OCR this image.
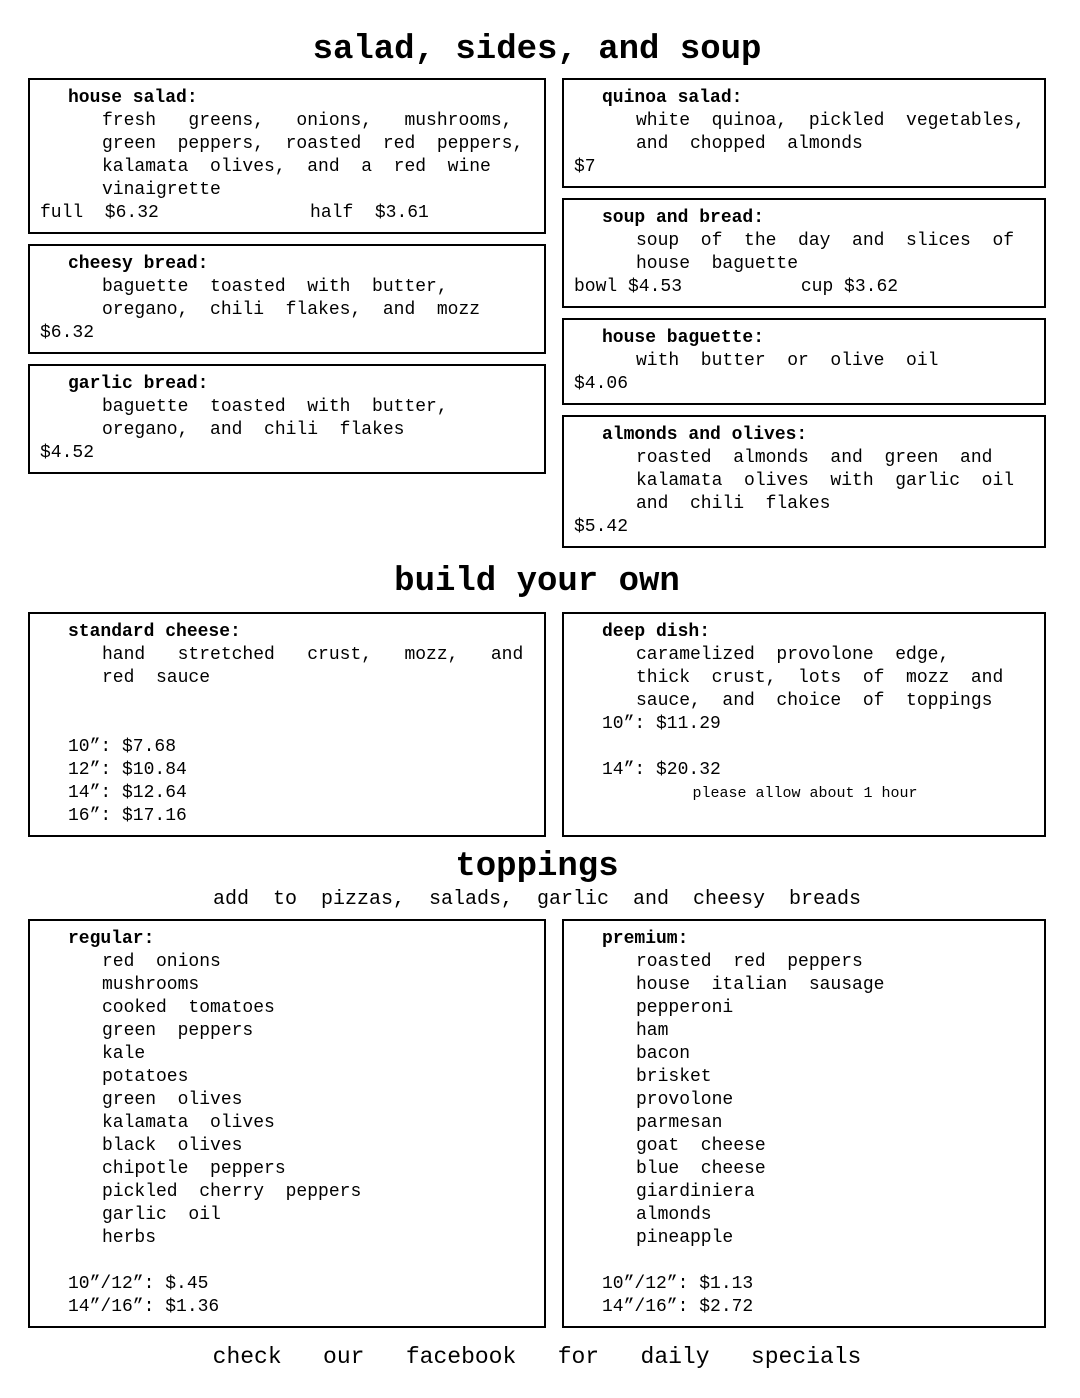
salad, sides, and soup
house salad:
fresh   greens,   onions,   mushrooms,
green  peppers,  roasted  red  peppers,
kalamata  olives,  and  a  red  wine
vinaigrette
full  $6.32              half  $3.61
cheesy bread:
baguette  toasted  with  butter,
oregano,  chili  flakes,  and  mozz
$6.32
garlic bread:
baguette  toasted  with  butter,
oregano,  and  chili  flakes
$4.52
quinoa salad:
white  quinoa,  pickled  vegetables,
and  chopped  almonds
$7
soup and bread:
soup  of  the  day  and  slices  of
house  baguette
bowl $4.53           cup $3.62
house baguette:
with  butter  or  olive  oil
$4.06
almonds and olives:
roasted  almonds  and  green  and
kalamata  olives  with  garlic  oil
and  chili  flakes
$5.42
build your own
standard cheese:
hand   stretched   crust,   mozz,   and
red  sauce
10”: $7.68
12”: $10.84
14”: $12.64
16”: $17.16
deep dish:
caramelized  provolone  edge,
thick  crust,  lots  of  mozz  and
sauce,  and  choice  of  toppings
10”: $11.29
14”: $20.32
please allow about 1 hour
toppings
add  to  pizzas,  salads,  garlic  and  cheesy  breads
regular:
red  onions
mushrooms
cooked  tomatoes
green  peppers
kale
potatoes
green  olives
kalamata  olives
black  olives
chipotle  peppers
pickled  cherry  peppers
garlic  oil
herbs
10”/12”: $.45
14”/16”: $1.36
premium:
roasted  red  peppers
house  italian  sausage
pepperoni
ham
bacon
brisket
provolone
parmesan
goat  cheese
blue  cheese
giardiniera
almonds
pineapple
10”/12”: $1.13
14”/16”: $2.72
check   our   facebook   for   daily   specials
